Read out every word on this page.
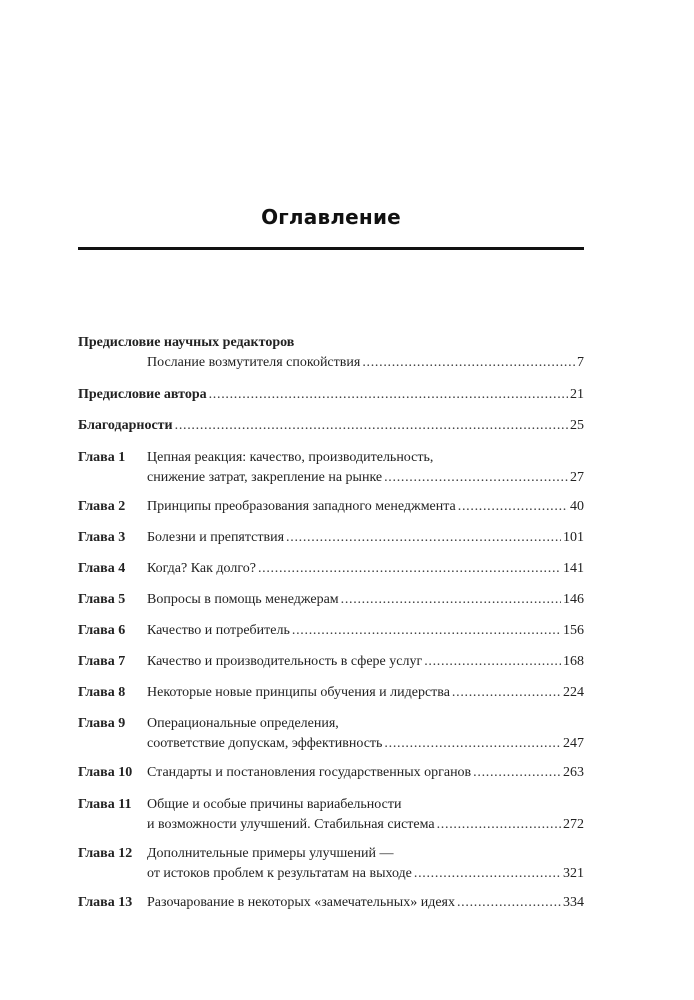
Оглавление
Предисловие научных редакторов
Послание возмутителя спокойствия . . .	7
Предисловие автора . . .	21
Благодарности . . .	25
Глава 1	Цепная реакция: качество, производительность,
снижение затрат, закрепление на рынке . . .	27
Глава 2	Принципы преобразования западного менеджмента . . .	40
Глава 3	Болезни и препятствия . . .	101
Глава 4	Когда? Как долго? . . .	141
Глава 5	Вопросы в помощь менеджерам . . .	146
Глава 6	Качество и потребитель . . .	156
Глава 7	Качество и производительность в сфере услуг . . .	168
Глава 8	Некоторые новые принципы обучения и лидерства . . .	224
Глава 9	Операциональные определения,
соответствие допускам, эффективность . . .	247
Глава 10	Стандарты и постановления государственных органов . . .	263
Глава 11	Общие и особые причины вариабельности
и возможности улучшений. Стабильная система . . .	272
Глава 12	Дополнительные примеры улучшений —
от истоков проблем к результатам на выходе . . .	321
Глава 13	Разочарование в некоторых «замечательных» идеях . . .	334
